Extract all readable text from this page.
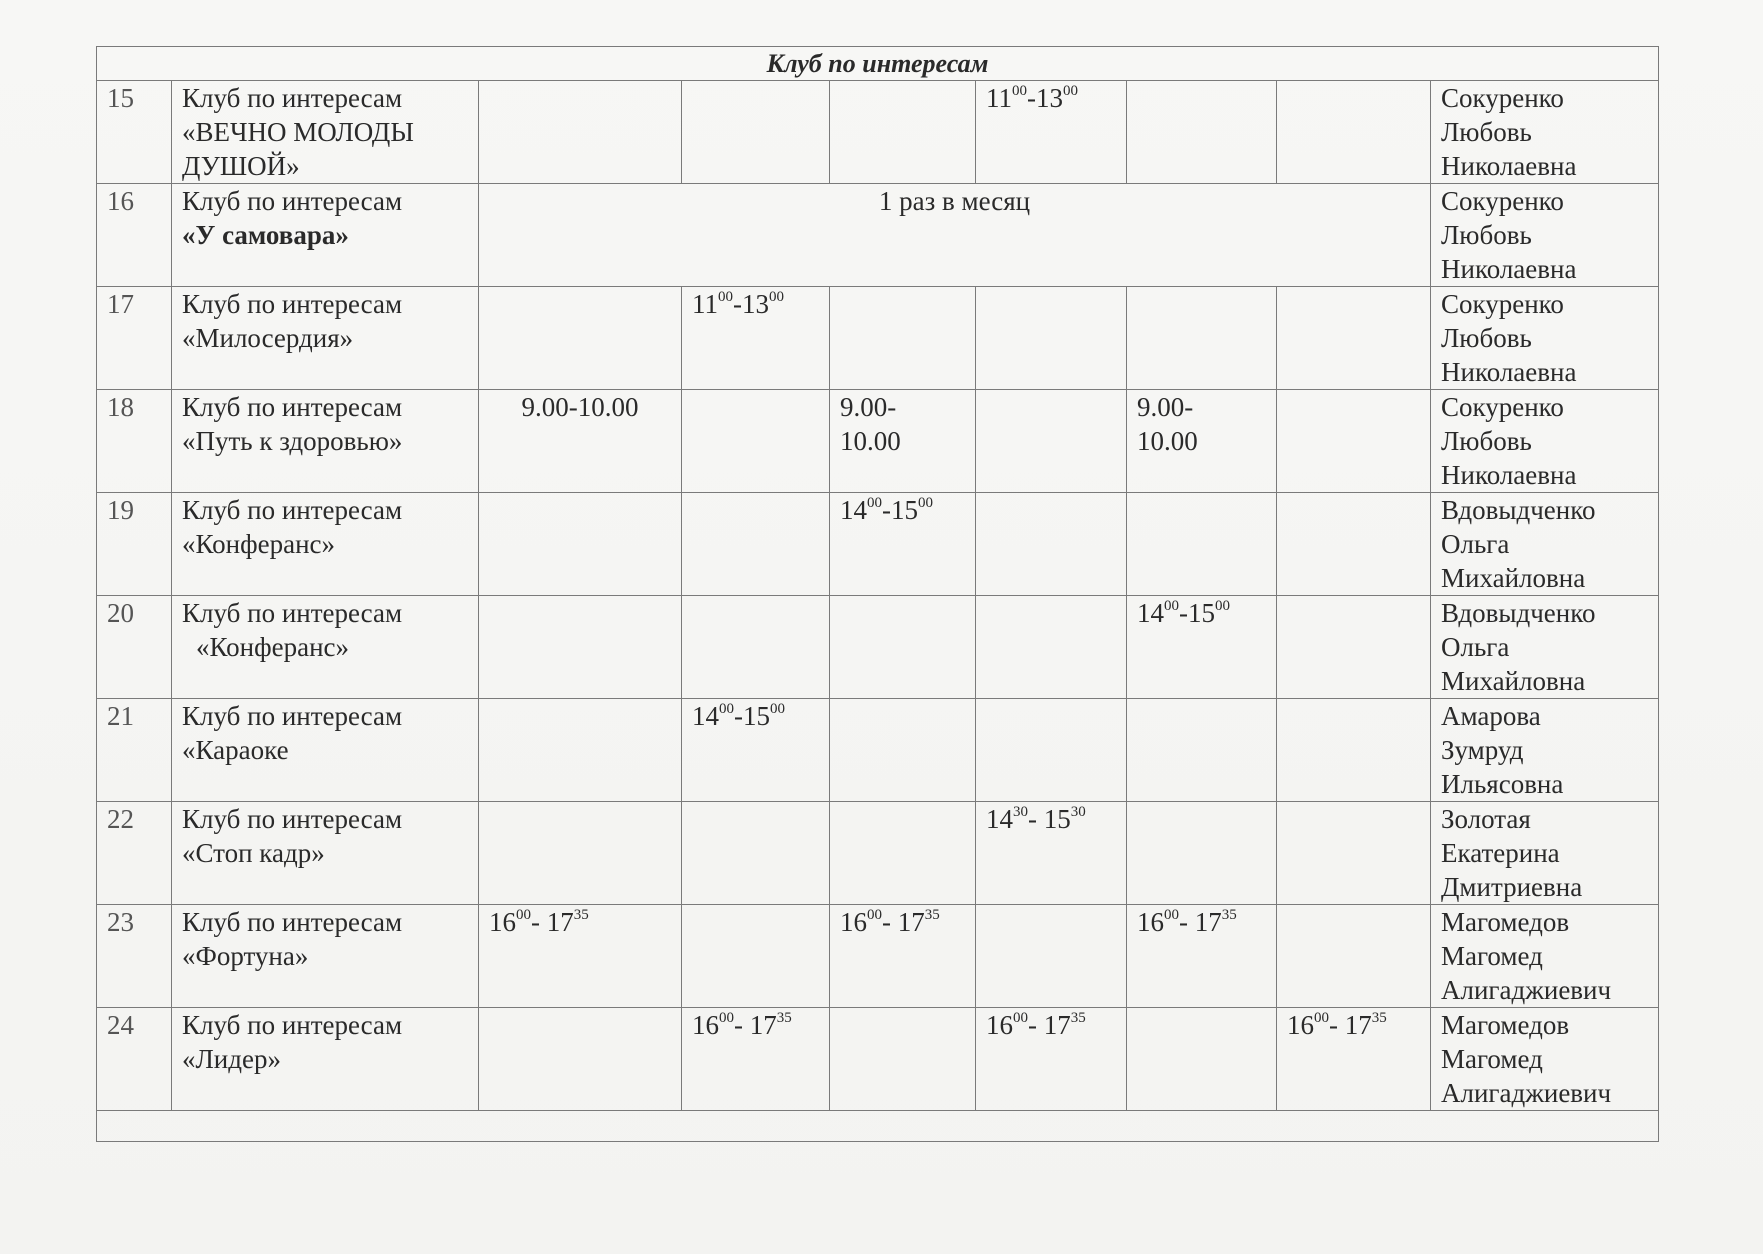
Клуб по интересам								
15	Клуб по интересам
«ВЕЧНО МОЛОДЫ ДУШОЙ»				$11^{00}-13^{00}$			Сокуренко
Любовь
Николаевна

16	Клуб по интересам
«У самовара»	1 раз в месяц						Сокуренко
Любовь
Николаевна

17	Клуб по интересам
«Милосердия»		$11^{00}-13^{00}$					Сокуренко
Любовь
Николаевна

18	Клуб по интересам
«Путь к здоровью»	9.00-10.00		9.00-
10.00		9.00-
10.00		Сокуренко
Любовь
Николаевна

19	Клуб по интересам
«Конферанс»			$14^{00}-15^{00}$				Вдовыдченко
Ольга
Михайловна

20	Клуб по интересам
«Конферанс»					$14^{00}-15^{00}$		Вдовыдченко
Ольга
Михайловна

21	Клуб по интересам
«Караоке		$14^{00}-15^{00}$					Амарова
Зумруд
Ильясовна

22	Клуб по интересам
«Стоп кадр»				$14^{30}-$ $15^{30}$			Золотая
Екатерина
Дмитриевна

23	Клуб по интересам
«Фортуна»	$16^{00}-$ $17^{35}$		$16^{00}-$ $17^{35}$		$16^{00}-$ $17^{35}$		Магомедов
Магомед
Алигаджиевич

24	Клуб по интересам
«Лидер»		$16^{00}-$ $17^{35}$		$16^{00}-$ $17^{35}$		$16^{00}-$ $17^{35}$	Магомедов
Магомед
Алигаджиевич
